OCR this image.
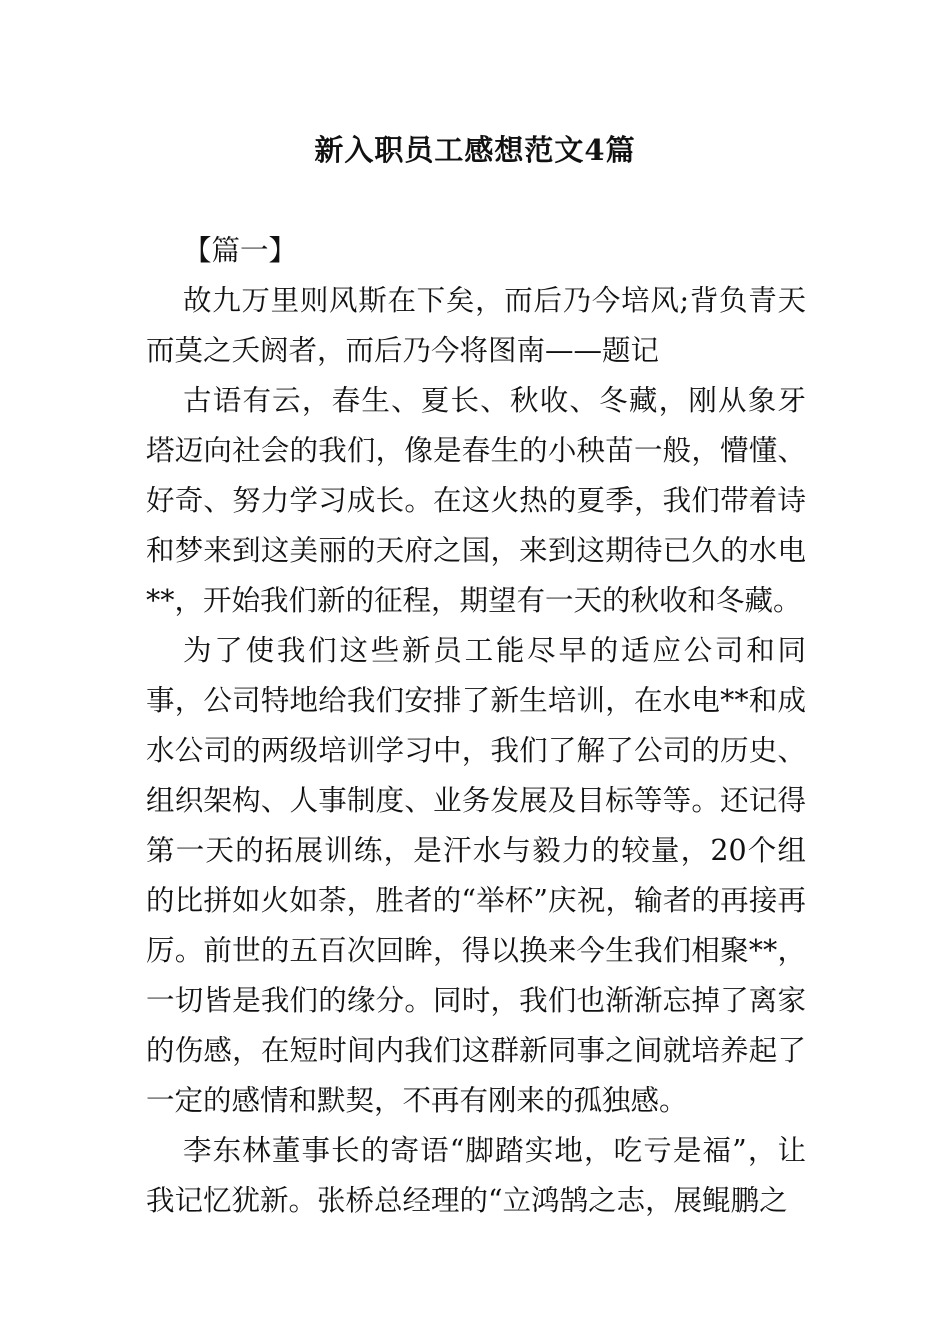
新入职员工感想范文4篇

【篇一】

故九万里则风斯在下矣，而后乃今培风;背负青天而莫之夭阏者，而后乃今将图南——题记

古语有云，春生、夏长、秋收、冬藏，刚从象牙塔迈向社会的我们，像是春生的小秧苗一般，懵懂、好奇、努力学习成长。在这火热的夏季，我们带着诗和梦来到这美丽的天府之国，来到这期待已久的水电**，开始我们新的征程，期望有一天的秋收和冬藏。

为了使我们这些新员工能尽早的适应公司和同事，公司特地给我们安排了新生培训，在水电**和成水公司的两级培训学习中，我们了解了公司的历史、组织架构、人事制度、业务发展及目标等等。还记得第一天的拓展训练，是汗水与毅力的较量，20个组的比拼如火如荼，胜者的“举杯”庆祝，输者的再接再厉。前世的五百次回眸，得以换来今生我们相聚**，一切皆是我们的缘分。同时，我们也渐渐忘掉了离家的伤感，在短时间内我们这群新同事之间就培养起了一定的感情和默契，不再有刚来的孤独感。

李东林董事长的寄语“脚踏实地，吃亏是福”，让我记忆犹新。张桥总经理的“立鸿鹄之志，展鲲鹏之
